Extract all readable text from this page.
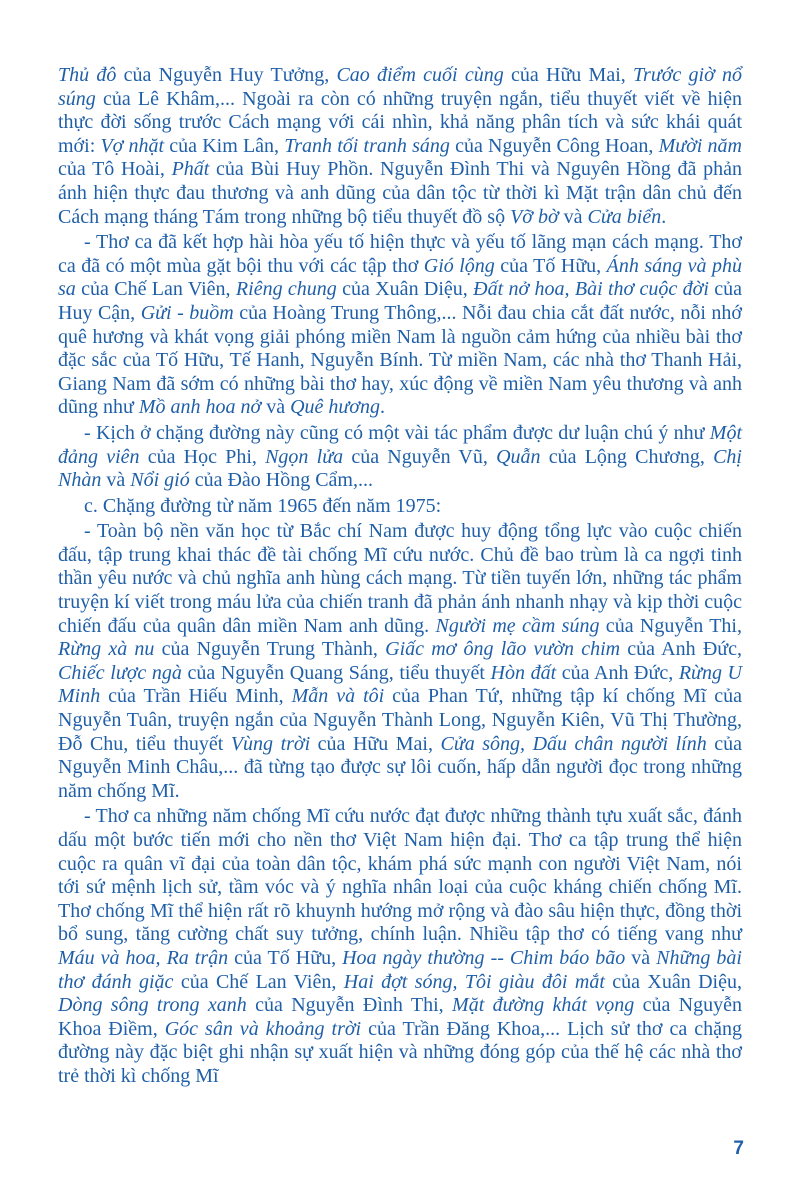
Thủ đô của Nguyễn Huy Tưởng, Cao điểm cuối cùng của Hữu Mai, Trước giờ nổ súng của Lê Khâm,... Ngoài ra còn có những truyện ngắn, tiểu thuyết viết về hiện thực đời sống trước Cách mạng với cái nhìn, khả năng phân tích và sức khái quát mới: Vợ nhặt của Kim Lân, Tranh tối tranh sáng của Nguyễn Công Hoan, Mười năm của Tô Hoài, Phất của Bùi Huy Phồn. Nguyễn Đình Thi và Nguyên Hồng đã phản ánh hiện thực đau thương và anh dũng của dân tộc từ thời kì Mặt trận dân chủ đến Cách mạng tháng Tám trong những bộ tiểu thuyết đồ sộ Vỡ bờ và Cửa biển.

- Thơ ca đã kết hợp hài hòa yếu tố hiện thực và yếu tố lãng mạn cách mạng. Thơ ca đã có một mùa gặt bội thu với các tập thơ Gió lộng của Tố Hữu, Ánh sáng và phù sa của Chế Lan Viên, Riêng chung của Xuân Diệu, Đất nở hoa, Bài thơ cuộc đời của Huy Cận, Gửi - buồm của Hoàng Trung Thông,... Nỗi đau chia cắt đất nước, nỗi nhớ quê hương và khát vọng giải phóng miền Nam là nguồn cảm hứng của nhiều bài thơ đặc sắc của Tố Hữu, Tế Hanh, Nguyễn Bính. Từ miền Nam, các nhà thơ Thanh Hải, Giang Nam đã sớm có những bài thơ hay, xúc động về miền Nam yêu thương và anh dũng như Mồ anh hoa nở và Quê hương.

- Kịch ở chặng đường này cũng có một vài tác phẩm được dư luận chú ý như Một đảng viên của Học Phi, Ngọn lửa của Nguyễn Vũ, Quẫn của Lộng Chương, Chị Nhàn và Nổi gió của Đào Hồng Cẩm,...

c. Chặng đường từ năm 1965 đến năm 1975:

- Toàn bộ nền văn học từ Bắc chí Nam được huy động tổng lực vào cuộc chiến đấu, tập trung khai thác đề tài chống Mĩ cứu nước. Chủ đề bao trùm là ca ngợi tinh thần yêu nước và chủ nghĩa anh hùng cách mạng. Từ tiền tuyến lớn, những tác phẩm truyện kí viết trong máu lửa của chiến tranh đã phản ánh nhanh nhạy và kịp thời cuộc chiến đấu của quân dân miền Nam anh dũng. Người mẹ cầm súng của Nguyễn Thi, Rừng xà nu của Nguyễn Trung Thành, Giấc mơ ông lão vườn chim của Anh Đức, Chiếc lược ngà của Nguyễn Quang Sáng, tiểu thuyết Hòn đất của Anh Đức, Rừng U Minh của Trần Hiếu Minh, Mẫn và tôi của Phan Tứ, những tập kí chống Mĩ của Nguyễn Tuân, truyện ngắn của Nguyễn Thành Long, Nguyễn Kiên, Vũ Thị Thường, Đỗ Chu, tiểu thuyết Vùng trời của Hữu Mai, Cửa sông, Dấu chân người lính của Nguyễn Minh Châu,... đã từng tạo được sự lôi cuốn, hấp dẫn người đọc trong những năm chống Mĩ.

- Thơ ca những năm chống Mĩ cứu nước đạt được những thành tựu xuất sắc, đánh dấu một bước tiến mới cho nền thơ Việt Nam hiện đại. Thơ ca tập trung thể hiện cuộc ra quân vĩ đại của toàn dân tộc, khám phá sức mạnh con người Việt Nam, nói tới sứ mệnh lịch sử, tầm vóc và ý nghĩa nhân loại của cuộc kháng chiến chống Mĩ. Thơ chống Mĩ thể hiện rất rõ khuynh hướng mở rộng và đào sâu hiện thực, đồng thời bổ sung, tăng cường chất suy tưởng, chính luận. Nhiều tập thơ có tiếng vang như Máu và hoa, Ra trận của Tố Hữu, Hoa ngày thường -- Chim báo bão và Những bài thơ đánh giặc của Chế Lan Viên, Hai đợt sóng, Tôi giàu đôi mắt của Xuân Diệu, Dòng sông trong xanh của Nguyễn Đình Thi, Mặt đường khát vọng của Nguyễn Khoa Điềm, Góc sân và khoảng trời của Trần Đăng Khoa,... Lịch sử thơ ca chặng đường này đặc biệt ghi nhận sự xuất hiện và những đóng góp của thế hệ các nhà thơ trẻ thời kì chống Mĩ

7
